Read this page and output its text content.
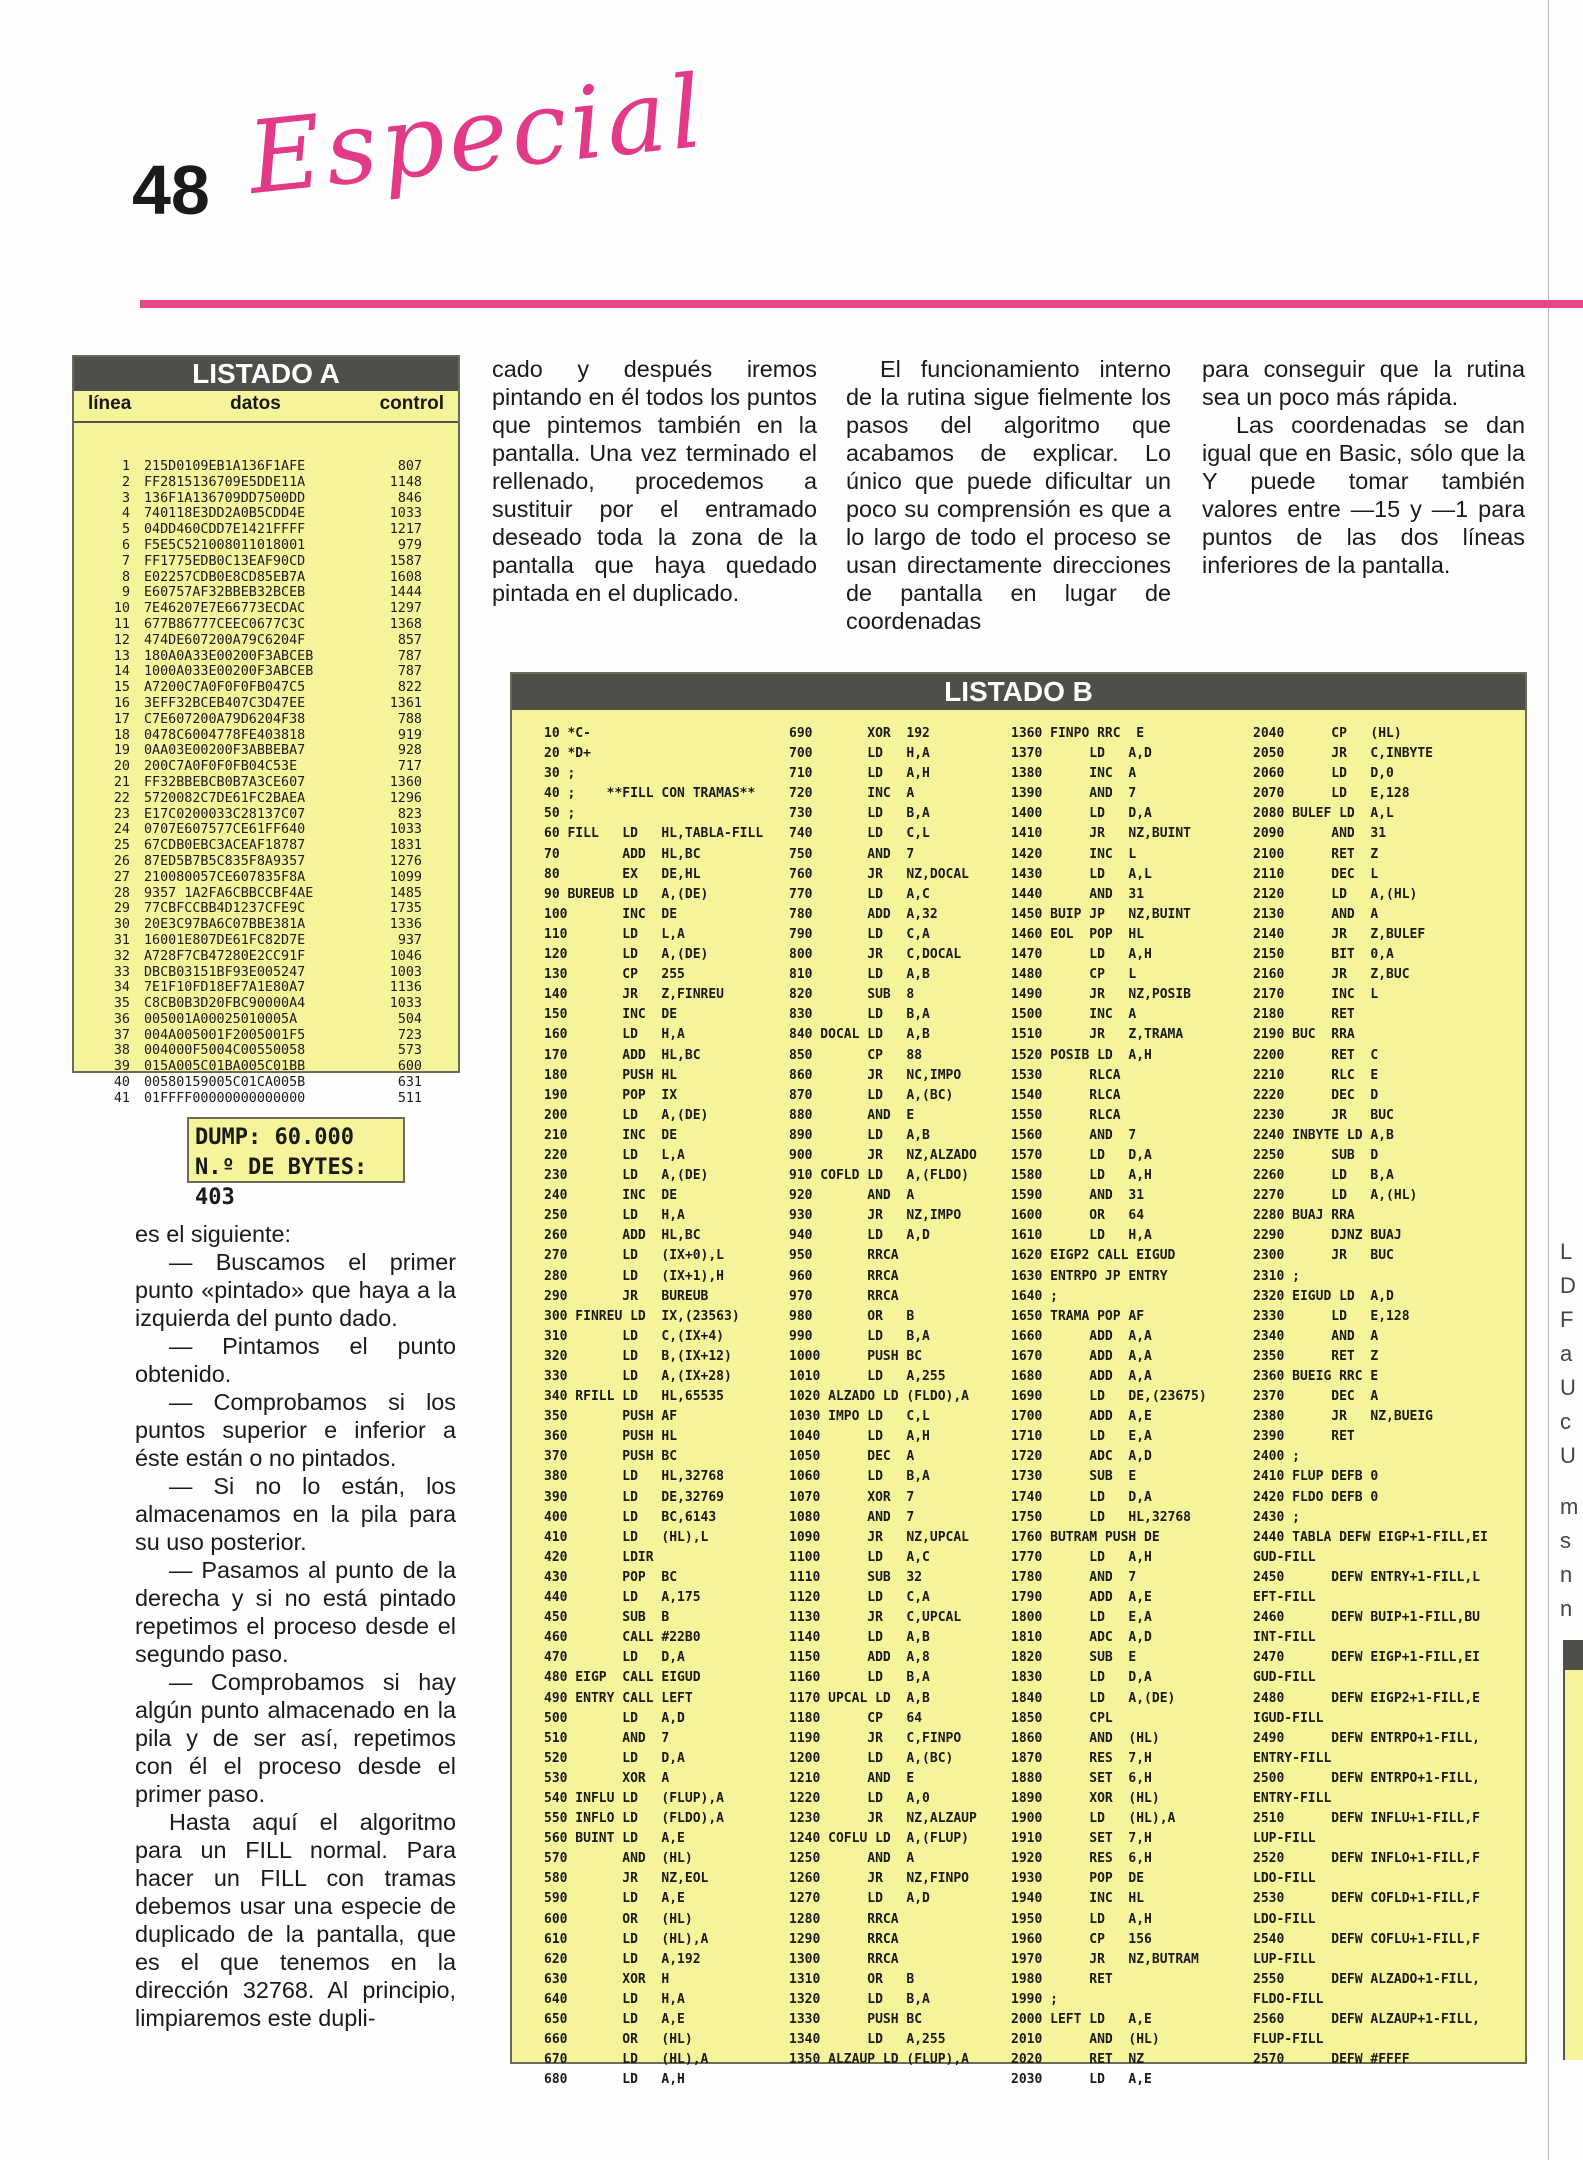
48 Especial
LISTADO A
línea	datos	control
1	215D0109EB1A136F1AFE	807
2	FF2815136709E5DDE11A	1148
3	136F1A136709DD7500DD	846
4	740118E3DD2A0B5CDD4E	1033
5	04DD460CDD7E1421FFFF	1217
6	F5E5C521008011018001	979
7	FF1775EDB0C13EAF90CD	1587
8	E02257CDB0E8CD85EB7A	1608
9	E60757AF32BBEB32BCEB	1444
10	7E46207E7E66773ECDAC	1297
11	677B86777CEEC0677C3C	1368
12	474DE607200A79C6204F	857
13	180A0A33E00200F3ABCEB	787
14	1000A033E00200F3ABCEB	787
15	A7200C7A0F0F0FB047C5	822
16	3EFF32BCEB407C3D47EE	1361
17	C7E607200A79D6204F38	788
18	0478C6004778FE403818	919
19	0AA03E00200F3ABBEBA7	928
20	200C7A0F0F0FB04C53E	717
21	FF32BBEBCB0B7A3CE607	1360
22	5720082C7DE61FC2BAEA	1296
23	E17C0200033C28137C07	823
24	0707E607577CE61FF640	1033
25	67CDB0EBC3ACEAF18787	1831
26	87ED5B7B5C835F8A9357	1276
27	210080057CE607835F8A	1099
28	9357 1A2FA6CBBCCBF4AE	1485
29	77CBFCCBB4D1237CFE9C	1735
30	20E3C97BA6C07BBE381A	1336
31	16001E807DE61FC82D7E	937
32	A728F7CB47280E2CC91F	1046
33	DBCB03151BF93E005247	1003
34	7E1F10FD18EF7A1E80A7	1136
35	C8CB0B3D20FBC90000A4	1033
36	005001A00025010005A	504
37	004A005001F2005001F5	723
38	004000F5004C00550058	573
39	015A005C01BA005C01BB	600
40	00580159005C01CA005B	631
41	01FFFF00000000000000	511
DUMP: 60.000
N.º DE BYTES: 403

es el siguiente:

— Buscamos el primer punto «pintado» que haya a la izquierda del punto dado.

— Pintamos el punto obtenido.

— Comprobamos si los puntos superior e inferior a éste están o no pintados.

— Si no lo están, los almacenamos en la pila para su uso posterior.

— Pasamos al punto de la derecha y si no está pintado repetimos el proceso desde el segundo paso.

— Comprobamos si hay algún punto almacenado en la pila y de ser así, repetimos con él el proceso desde el primer paso.

Hasta aquí el algoritmo para un FILL normal. Para hacer un FILL con tramas debemos usar una especie de duplicado de la pantalla, que es el que tenemos en la dirección 32768. Al principio, limpiaremos este dupli-

cado y después iremos pintando en él todos los puntos que pintemos también en la pantalla. Una vez terminado el rellenado, procedemos a sustituir por el entramado deseado toda la zona de la pantalla que haya quedado pintada en el duplicado.

El funcionamiento interno de la rutina sigue fielmente los pasos del algoritmo que acabamos de explicar. Lo único que puede dificultar un poco su comprensión es que a lo largo de todo el proceso se usan directamente direcciones de pantalla en lugar de coordenadas

para conseguir que la rutina sea un poco más rápida.

Las coordenadas se dan igual que en Basic, sólo que la Y puede tomar también valores entre —15 y —1 para puntos de las dos líneas inferiores de la pantalla.

LISTADO B
10 *C-
20 *D+
30 ;
40 ;    **FILL CON TRAMAS**
50 ;
60 FILL   LD   HL,TABLA-FILL
70        ADD  HL,BC
80        EX   DE,HL
90 BUREUB LD   A,(DE)
100       INC  DE
110       LD   L,A
120       LD   A,(DE)
130       CP   255
140       JR   Z,FINREU
150       INC  DE
160       LD   H,A
170       ADD  HL,BC
180       PUSH HL
190       POP  IX
200       LD   A,(DE)
210       INC  DE
220       LD   L,A
230       LD   A,(DE)
240       INC  DE
250       LD   H,A
260       ADD  HL,BC
270       LD   (IX+0),L
280       LD   (IX+1),H
290       JR   BUREUB
300 FINREU LD  IX,(23563)
310       LD   C,(IX+4)
320       LD   B,(IX+12)
330       LD   A,(IX+28)
340 RFILL LD   HL,65535
350       PUSH AF
360       PUSH HL
370       PUSH BC
380       LD   HL,32768
390       LD   DE,32769
400       LD   BC,6143
410       LD   (HL),L
420       LDIR
430       POP  BC
440       LD   A,175
450       SUB  B
460       CALL #22B0
470       LD   D,A
480 EIGP  CALL EIGUD
490 ENTRY CALL LEFT
500       LD   A,D
510       AND  7
520       LD   D,A
530       XOR  A
540 INFLU LD   (FLUP),A
550 INFLO LD   (FLDO),A
560 BUINT LD   A,E
570       AND  (HL)
580       JR   NZ,EOL
590       LD   A,E
600       OR   (HL)
610       LD   (HL),A
620       LD   A,192
630       XOR  H
640       LD   H,A
650       LD   A,E
660       OR   (HL)
670       LD   (HL),A
680       LD   A,H
690       XOR  192
700       LD   H,A
710       LD   A,H
720       INC  A
730       LD   B,A
740       LD   C,L
750       AND  7
760       JR   NZ,DOCAL
770       LD   A,C
780       ADD  A,32
790       LD   C,A
800       JR   C,DOCAL
810       LD   A,B
820       SUB  8
830       LD   B,A
840 DOCAL LD   A,B
850       CP   88
860       JR   NC,IMPO
870       LD   A,(BC)
880       AND  E
890       LD   A,B
900       JR   NZ,ALZADO
910 COFLD LD   A,(FLDO)
920       AND  A
930       JR   NZ,IMPO
940       LD   A,D
950       RRCA
960       RRCA
970       RRCA
980       OR   B
990       LD   B,A
1000      PUSH BC
1010      LD   A,255
1020 ALZADO LD (FLDO),A
1030 IMPO LD   C,L
1040      LD   A,H
1050      DEC  A
1060      LD   B,A
1070      XOR  7
1080      AND  7
1090      JR   NZ,UPCAL
1100      LD   A,C
1110      SUB  32
1120      LD   C,A
1130      JR   C,UPCAL
1140      LD   A,B
1150      ADD  A,8
1160      LD   B,A
1170 UPCAL LD  A,B
1180      CP   64
1190      JR   C,FINPO
1200      LD   A,(BC)
1210      AND  E
1220      LD   A,0
1230      JR   NZ,ALZAUP
1240 COFLU LD  A,(FLUP)
1250      AND  A
1260      JR   NZ,FINPO
1270      LD   A,D
1280      RRCA
1290      RRCA
1300      RRCA
1310      OR   B
1320      LD   B,A
1330      PUSH BC
1340      LD   A,255
1350 ALZAUP LD (FLUP),A
1360 FINPO RRC  E
1370      LD   A,D
1380      INC  A
1390      AND  7
1400      LD   D,A
1410      JR   NZ,BUINT
1420      INC  L
1430      LD   A,L
1440      AND  31
1450 BUIP JP   NZ,BUINT
1460 EOL  POP  HL
1470      LD   A,H
1480      CP   L
1490      JR   NZ,POSIB
1500      INC  A
1510      JR   Z,TRAMA
1520 POSIB LD  A,H
1530      RLCA
1540      RLCA
1550      RLCA
1560      AND  7
1570      LD   D,A
1580      LD   A,H
1590      AND  31
1600      OR   64
1610      LD   H,A
1620 EIGP2 CALL EIGUD
1630 ENTRPO JP ENTRY
1640 ;
1650 TRAMA POP AF
1660      ADD  A,A
1670      ADD  A,A
1680      ADD  A,A
1690      LD   DE,(23675)
1700      ADD  A,E
1710      LD   E,A
1720      ADC  A,D
1730      SUB  E
1740      LD   D,A
1750      LD   HL,32768
1760 BUTRAM PUSH DE
1770      LD   A,H
1780      AND  7
1790      ADD  A,E
1800      LD   E,A
1810      ADC  A,D
1820      SUB  E
1830      LD   D,A
1840      LD   A,(DE)
1850      CPL
1860      AND  (HL)
1870      RES  7,H
1880      SET  6,H
1890      XOR  (HL)
1900      LD   (HL),A
1910      SET  7,H
1920      RES  6,H
1930      POP  DE
1940      INC  HL
1950      LD   A,H
1960      CP   156
1970      JR   NZ,BUTRAM
1980      RET
1990 ;
2000 LEFT LD   A,E
2010      AND  (HL)
2020      RET  NZ
2030      LD   A,E
2040      CP   (HL)
2050      JR   C,INBYTE
2060      LD   D,0
2070      LD   E,128
2080 BULEF LD  A,L
2090      AND  31
2100      RET  Z
2110      DEC  L
2120      LD   A,(HL)
2130      AND  A
2140      JR   Z,BULEF
2150      BIT  0,A
2160      JR   Z,BUC
2170      INC  L
2180      RET
2190 BUC  RRA
2200      RET  C
2210      RLC  E
2220      DEC  D
2230      JR   BUC
2240 INBYTE LD A,B
2250      SUB  D
2260      LD   B,A
2270      LD   A,(HL)
2280 BUAJ RRA
2290      DJNZ BUAJ
2300      JR   BUC
2310 ;
2320 EIGUD LD  A,D
2330      LD   E,128
2340      AND  A
2350      RET  Z
2360 BUEIG RRC E
2370      DEC  A
2380      JR   NZ,BUEIG
2390      RET
2400 ;
2410 FLUP DEFB 0
2420 FLDO DEFB 0
2430 ;
2440 TABLA DEFW EIGP+1-FILL,EI
GUD-FILL
2450      DEFW ENTRY+1-FILL,L
EFT-FILL
2460      DEFW BUIP+1-FILL,BU
INT-FILL
2470      DEFW EIGP+1-FILL,EI
GUD-FILL
2480      DEFW EIGP2+1-FILL,E
IGUD-FILL
2490      DEFW ENTRPO+1-FILL,
ENTRY-FILL
2500      DEFW ENTRPO+1-FILL,
ENTRY-FILL
2510      DEFW INFLU+1-FILL,F
LUP-FILL
2520      DEFW INFLO+1-FILL,F
LDO-FILL
2530      DEFW COFLD+1-FILL,F
LDO-FILL
2540      DEFW COFLU+1-FILL,F
LUP-FILL
2550      DEFW ALZADO+1-FILL,
FLDO-FILL
2560      DEFW ALZAUP+1-FILL,
FLUP-FILL
2570      DEFW #FFFF
L
D
F
a
U
c
U
m
s
n
n
